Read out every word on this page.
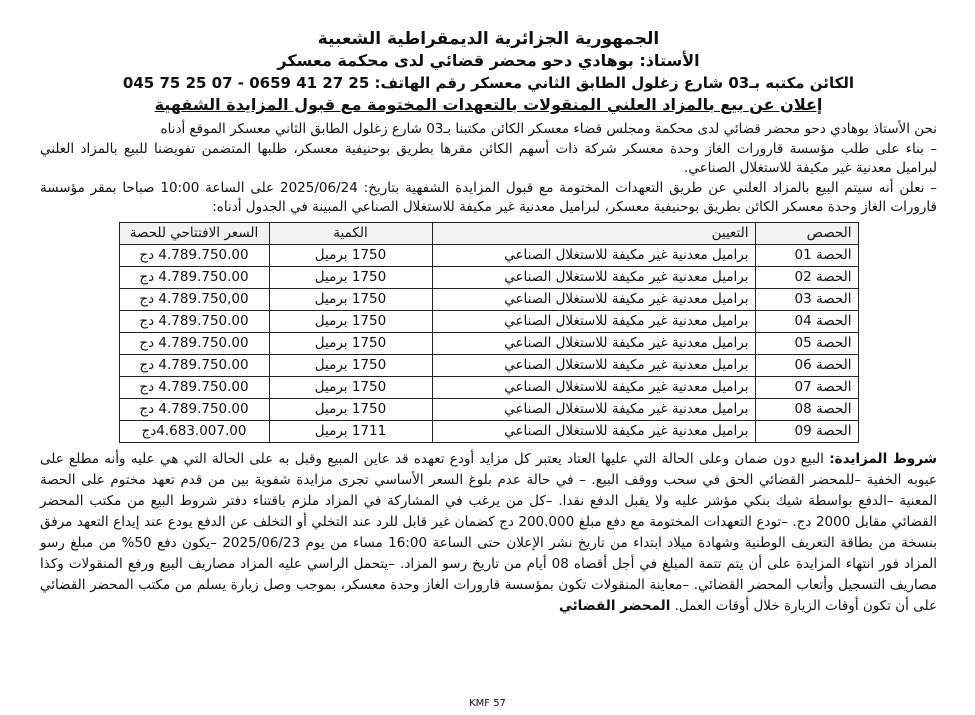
الجمهورية الجزائرية الديمقراطية الشعبية
الأستاذ: بوهادي دحو محضر قضائي لدى محكمة معسكر
الكائن مكتبه بـ03 شارع زغلول الطابق الثاني معسكر رقم الهاتف: 25 27 41 0659 - 07 25 75 045
إعلان عن بيع بالمزاد العلني المنقولات بالتعهدات المختومة مع قبول المزايدة الشفهية

نحن الأستاذ بوهادي دحو محضر قضائي لدى محكمة ومجلس قضاء معسكر الكائن مكتبنا بـ03 شارع زغلول الطابق الثاني معسكر الموقع أدناه

– بناء على طلب مؤسسة قارورات الغاز وحدة معسكر شركة ذات أسهم الكائن مقرها بطريق بوحنيفية معسكر، طلبها المتضمن تفويضنا للبيع بالمزاد العلني لبراميل معدنية غير مكيفة للاستغلال الصناعي.

– نعلن أنه سيتم البيع بالمزاد العلني عن طريق التعهدات المختومة مع قبول المزايدة الشفهية بتاريخ: 2025/06/24 على الساعة 10:00 صباحا بمقر مؤسسة قارورات الغاز وحدة معسكر الكائن بطريق بوحنيفية معسكر، لبراميل معدنية غير مكيفة للاستغلال الصناعي المبينة في الجدول أدناه:

الحصص	التعيين	الكمية	السعر الافتتاحي للحصة
الحصة 01	براميل معدنية غير مكيفة للاستغلال الصناعي	1750 برميل	4.789.750.00 دج
الحصة 02	براميل معدنية غير مكيفة للاستغلال الصناعي	1750 برميل	4.789.750.00 دج
الحصة 03	براميل معدنية غير مكيفة للاستغلال الصناعي	1750 برميل	4.789.750,00 دج
الحصة 04	براميل معدنية غير مكيفة للاستغلال الصناعي	1750 برميل	4.789.750.00 دج
الحصة 05	براميل معدنية غير مكيفة للاستغلال الصناعي	1750 برميل	4.789.750.00 دج
الحصة 06	براميل معدنية غير مكيفة للاستغلال الصناعي	1750 برميل	4.789.750.00 دج
الحصة 07	براميل معدنية غير مكيفة للاستغلال الصناعي	1750 برميل	4.789.750.00 دج
الحصة 08	براميل معدنية غير مكيفة للاستغلال الصناعي	1750 برميل	4.789.750.00 دج
الحصة 09	براميل معدنية غير مكيفة للاستغلال الصناعي	1711 برميل	4.683.007.00دج
شروط المزايدة: البيع دون ضمان وعلى الحالة التي عليها العتاد يعتبر كل مزايد أودع تعهده قد عاين المبيع وقبل به على الحالة التي هي عليه وأنه مطلع على عيوبه الخفية –للمحضر القضائي الحق في سحب ووقف البيع. – في حالة عدم بلوغ السعر الأساسي تجرى مزايدة شفوية بين من قدم تعهد مختوم على الحصة المعنية –الدفع بواسطة شيك بنكي مؤشر عليه ولا يقبل الدفع نقدا. –كل من يرغب في المشاركة في المزاد ملزم باقتناء دفتر شروط البيع من مكتب المحضر القضائي مقابل 2000 دج. –تودع التعهدات المختومة مع دفع مبلغ 200.000 دج كضمان غير قابل للرد عند التخلي أو التخلف عن الدفع يودع عند إيداع التعهد مرفق بنسخة من بطاقة التعريف الوطنية وشهادة ميلاد ابتداء من تاريخ نشر الإعلان حتى الساعة 16:00 مساء من يوم 2025/06/23 –يكون دفع 50% من مبلغ رسو المزاد فور انتهاء المزايدة على أن يتم تتمة المبلغ في أجل أقصاه 08 أيام من تاريخ رسو المزاد. –يتحمل الراسي عليه المزاد مصاريف البيع ورفع المنقولات وكذا مصاريف التسجيل وأتعاب المحضر القضائي. –معاينة المنقولات تكون بمؤسسة قارورات الغاز وحدة معسكر، بموجب وصل زيارة يسلم من مكتب المحضر القضائي على أن تكون أوقات الزيارة خلال أوقات العمل. المحضر القضائي
KMF 57
